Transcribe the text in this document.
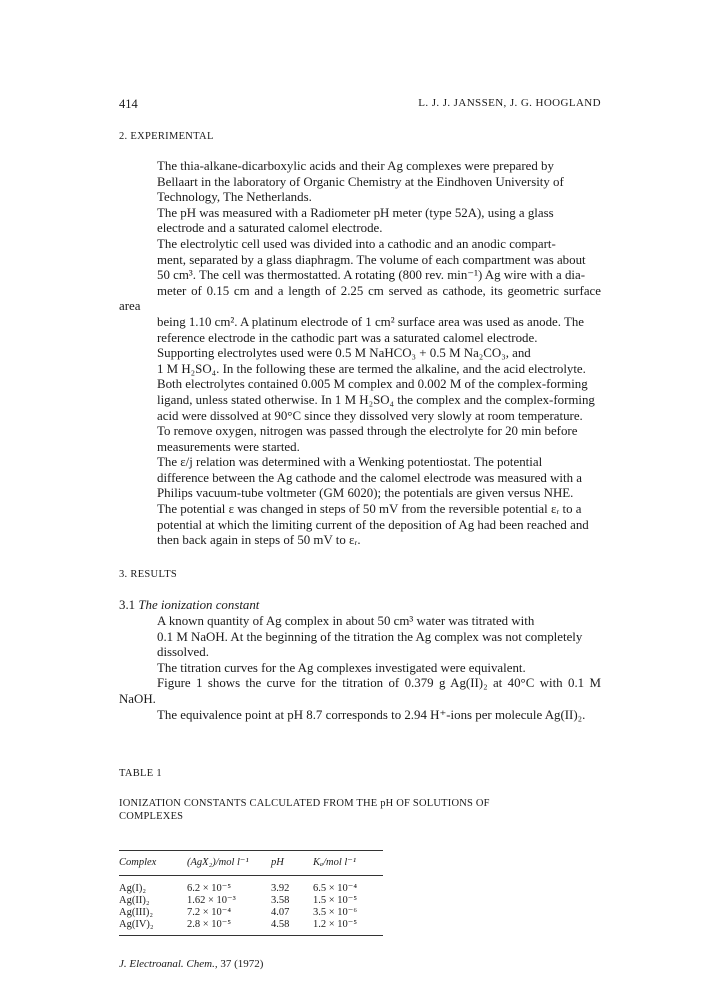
414	L. J. J. JANSSEN, J. G. HOOGLAND
2. EXPERIMENTAL

The thia-alkane-dicarboxylic acids and their Ag complexes were prepared by
Bellaart in the laboratory of Organic Chemistry at the Eindhoven University of
Technology, The Netherlands.

The pH was measured with a Radiometer pH meter (type 52A), using a glass
electrode and a saturated calomel electrode.

The electrolytic cell used was divided into a cathodic and an anodic compart-
ment, separated by a glass diaphragm. The volume of each compartment was about
50 cm³. The cell was thermostatted. A rotating (800 rev. min⁻¹) Ag wire with a dia-
meter of 0.15 cm and a length of 2.25 cm served as cathode, its geometric surface area
being 1.10 cm². A platinum electrode of 1 cm² surface area was used as anode. The
reference electrode in the cathodic part was a saturated calomel electrode.

Supporting electrolytes used were 0.5 M NaHCO₃ + 0.5 M Na₂CO₃, and
1 M H₂SO₄. In the following these are termed the alkaline, and the acid electrolyte.
Both electrolytes contained 0.005 M complex and 0.002 M of the complex-forming
ligand, unless stated otherwise. In 1 M H₂SO₄ the complex and the complex-forming
acid were dissolved at 90°C since they dissolved very slowly at room temperature.
To remove oxygen, nitrogen was passed through the electrolyte for 20 min before
measurements were started.

The ε/j relation was determined with a Wenking potentiostat. The potential
difference between the Ag cathode and the calomel electrode was measured with a
Philips vacuum-tube voltmeter (GM 6020); the potentials are given versus NHE.
The potential ε was changed in steps of 50 mV from the reversible potential εᵣ to a
potential at which the limiting current of the deposition of Ag had been reached and
then back again in steps of 50 mV to εᵣ.

3. RESULTS
3.1 The ionization constant

A known quantity of Ag complex in about 50 cm³ water was titrated with
0.1 M NaOH. At the beginning of the titration the Ag complex was not completely
dissolved.

The titration curves for the Ag complexes investigated were equivalent.
Figure 1 shows the curve for the titration of 0.379 g Ag(II)₂ at 40°C with 0.1 M NaOH.
The equivalence point at pH 8.7 corresponds to 2.94 H⁺-ions per molecule Ag(II)₂.

TABLE 1
IONIZATION CONSTANTS CALCULATED FROM THE pH OF SOLUTIONS OF
COMPLEXES
Complex	(AgX₂)/mol l⁻¹	pH	Kₐ/mol l⁻¹

Ag(I)₂	6.2 × 10⁻⁵	3.92	6.5 × 10⁻⁴
Ag(II)₂	1.62 × 10⁻³	3.58	1.5 × 10⁻⁵
Ag(III)₂	7.2 × 10⁻⁴	4.07	3.5 × 10⁻⁶
Ag(IV)₂	2.8 × 10⁻⁵	4.58	1.2 × 10⁻⁵
J. Electroanal. Chem., 37 (1972)
